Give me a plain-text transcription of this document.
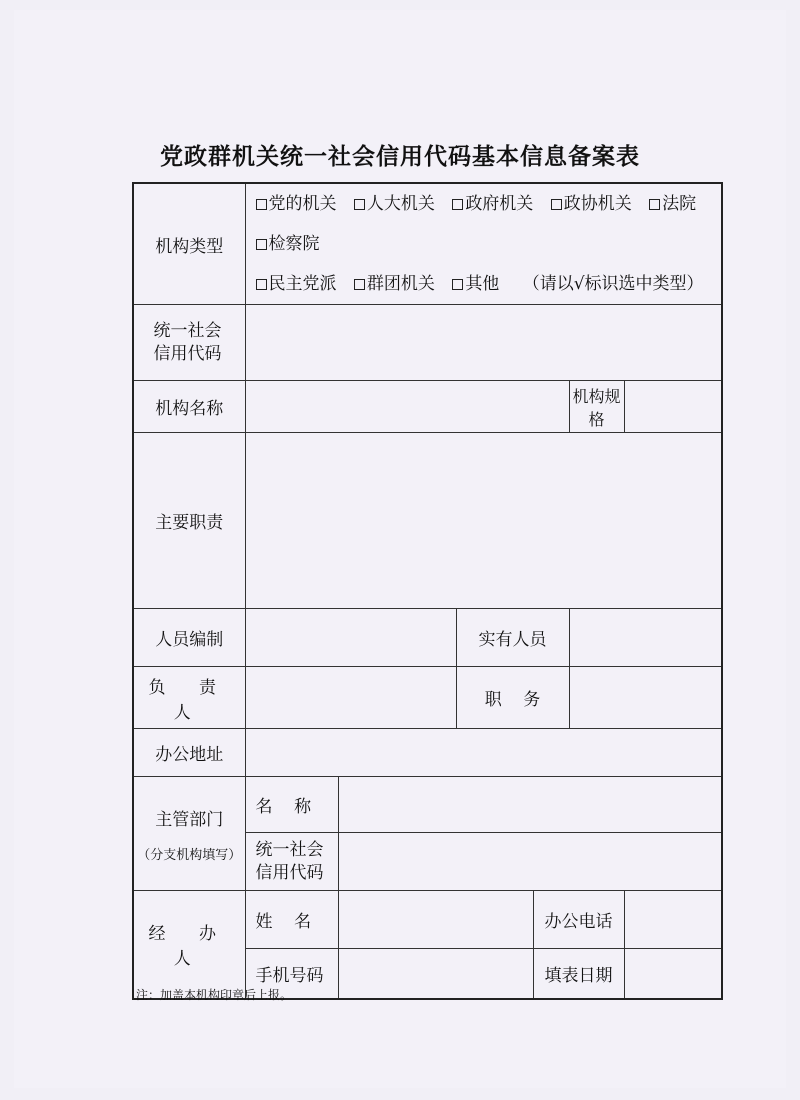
党政群机关统一社会信用代码基本信息备案表
机构类型	党的机关 人大机关 政府机关 政协机关 法院 检察院
民主党派 群团机关 其他 （请以√标识选中类型）					

统一社会信用代码						
机构名称					机构规格	
主要职责						
人员编制			实有人员			
负 责 人			职    务			
办公地址						
主管部门
（分支机构填写）	名    称					
	统一社会信用代码					
经 办 人	姓    名			办公电话		
	手机号码			填表日期		
注：加盖本机构印章后上报。
